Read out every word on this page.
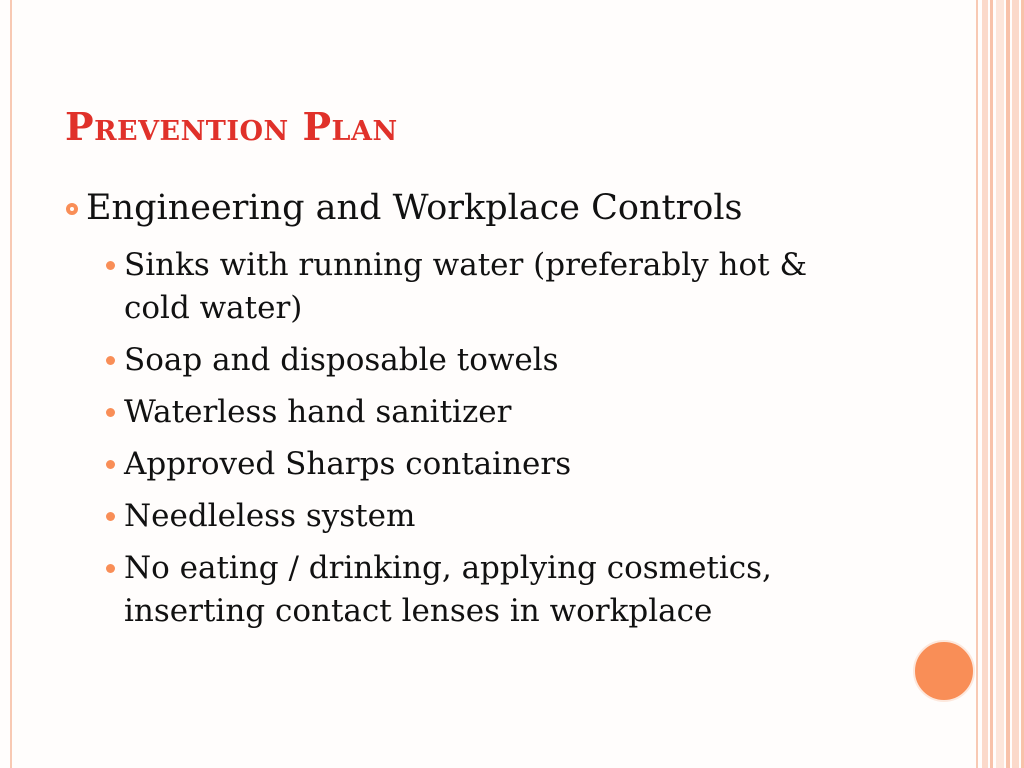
Prevention Plan
Engineering and Workplace Controls
Sinks with running water (preferably hot & cold water)
Soap and disposable towels
Waterless hand sanitizer
Approved Sharps containers
Needleless system
No eating / drinking, applying cosmetics, inserting contact lenses in workplace
